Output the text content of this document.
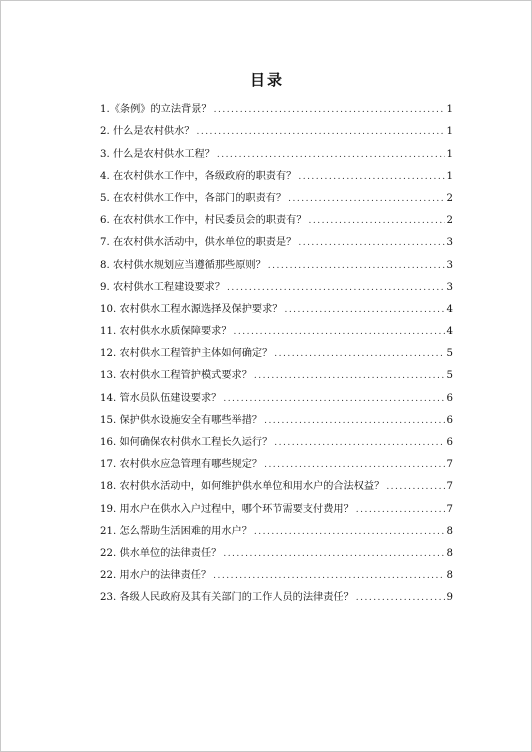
目录
1.《条例》的立法背景？ .....	1
2. 什么是农村供水？ .....	1
3. 什么是农村供水工程？ .....	1
4. 在农村供水工作中，各级政府的职责有？ .....	1
5. 在农村供水工作中，各部门的职责有？ .....	2
6. 在农村供水工作中，村民委员会的职责有？ .....	2
7. 在农村供水活动中，供水单位的职责是？ .....	3
8. 农村供水规划应当遵循那些原则？ .....	3
9. 农村供水工程建设要求？ .....	3
10. 农村供水工程水源选择及保护要求？ .....	4
11. 农村供水水质保障要求？ .....	4
12. 农村供水工程管护主体如何确定？ .....	5
13. 农村供水工程管护模式要求？ .....	5
14. 管水员队伍建设要求？ .....	6
15. 保护供水设施安全有哪些举措？ .....	6
16. 如何确保农村供水工程长久运行？ .....	6
17. 农村供水应急管理有哪些规定？ .....	7
18. 农村供水活动中，如何维护供水单位和用水户的合法权益？ .....	7
19. 用水户在供水入户过程中，哪个环节需要支付费用？ .....	7
21. 怎么帮助生活困难的用水户？ .....	8
22. 供水单位的法律责任？ .....	8
22. 用水户的法律责任？ .....	8
23. 各级人民政府及其有关部门的工作人员的法律责任？ .....	9
